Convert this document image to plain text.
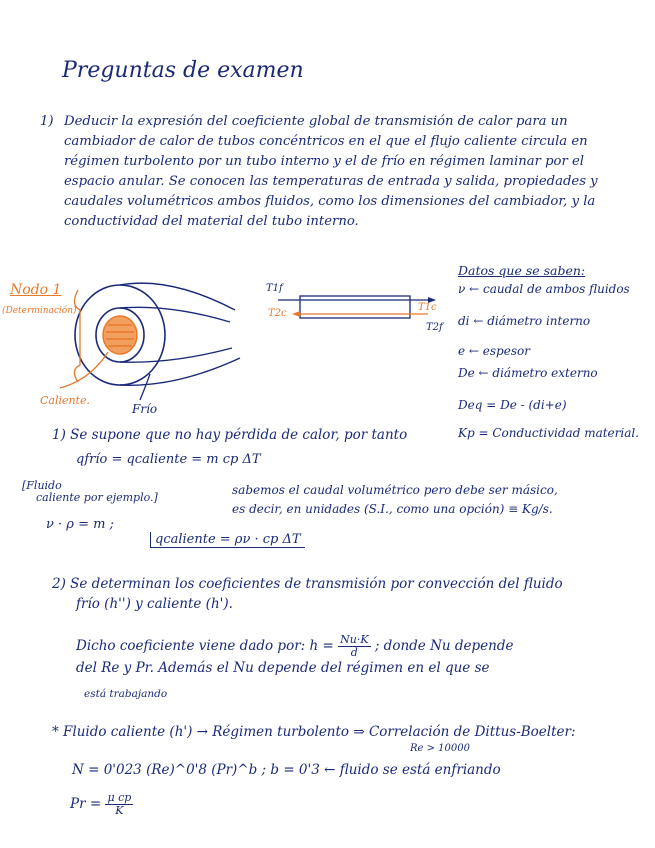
Preguntas de examen
1) Deducir la expresión del coeficiente global de transmisión de calor para un cambiador de calor de tubos concéntricos en el que el flujo caliente circula en régimen turbolento por un tubo interno y el de frío en régimen laminar por el espacio anular. Se conocen las temperaturas de entrada y salida, propiedades y caudales volumétricos ambos fluidos, como los dimensiones del cambiador, y la conductividad del material del tubo interno.
Nodo 1
(Determinación)
Caliente.
Frío
T1f
T2c
T1c
T2f
Datos que se saben:
ν ← caudal de ambos fluidos
di ← diámetro interno
e ← espesor
De ← diámetro externo
Deq = De - (di+e)
Kp = Conductividad material.
1) Se supone que no hay pérdida de calor, por tanto
qfrío = qcaliente = m cp ΔT
[Fluido
caliente por ejemplo.]
sabemos el caudal volumétrico pero debe ser másico,
es decir, en unidades (S.I., como una opción) ≡ Kg/s.
ν · ρ = m ;
qcaliente = ρν · cp ΔT
2) Se determinan los coeficientes de transmisión por convección del fluido
frío (h'') y caliente (h').
Dicho coeficiente viene dado por: $h = \frac{Nu\cdot K}{d}$ ; donde Nu depende
del Re y Pr. Además el Nu depende del régimen en el que se
está trabajando
* Fluido caliente (h') → Régimen turbolento ⇒ Correlación de Dittus-Boelter:
Re > 10000
N = 0'023 (Re)^0'8 (Pr)^b ; b = 0'3 ← fluido se está enfriando
$Pr = \frac{\text{μ cp}}{K}$
